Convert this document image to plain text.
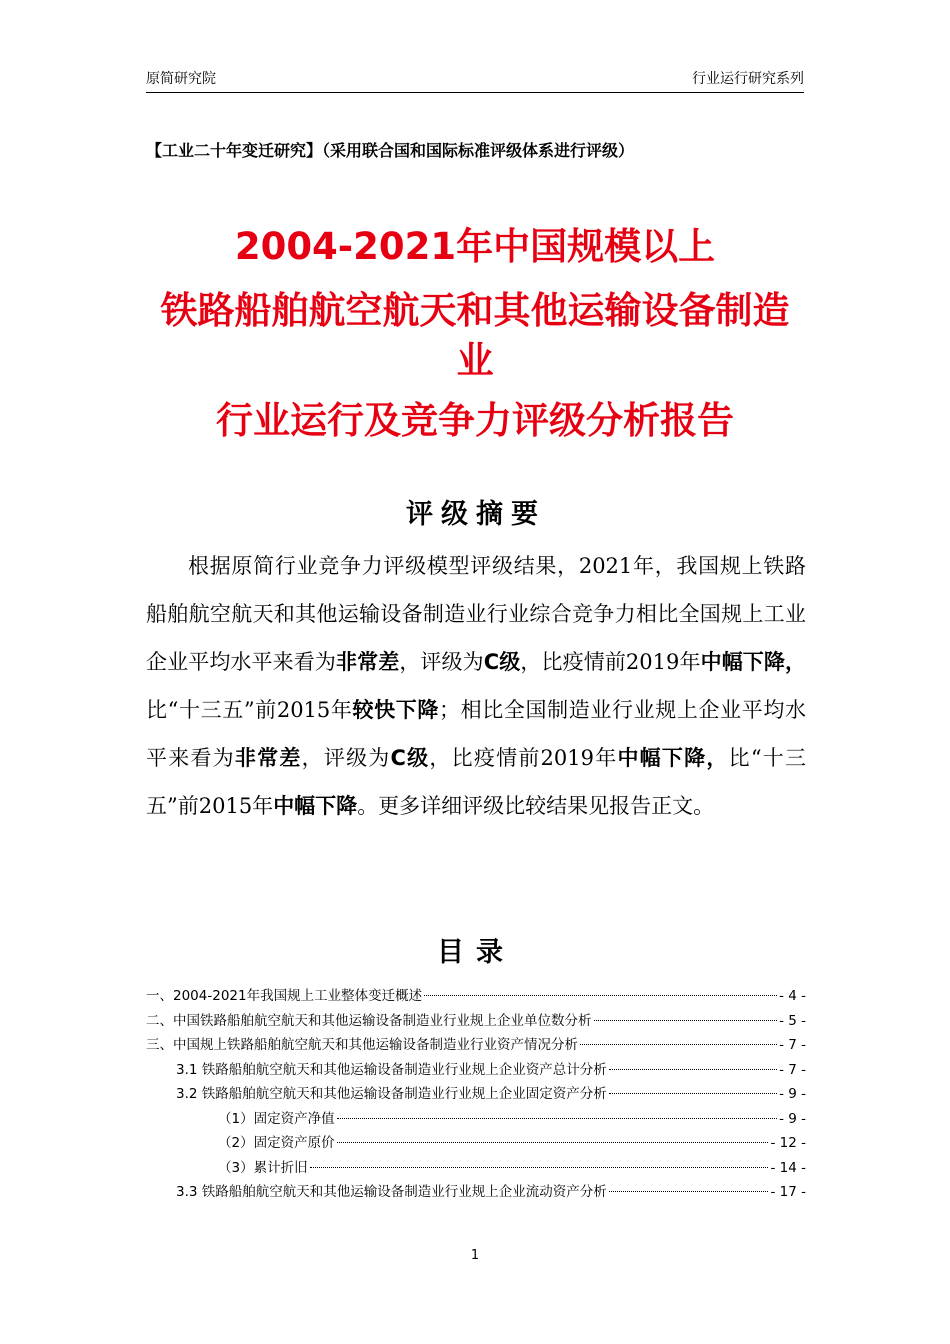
原简研究院	行业运行研究系列
【工业二十年变迁研究】（采用联合国和国际标准评级体系进行评级）
2004-2021年中国规模以上
铁路船舶航空航天和其他运输设备制造
业
行业运行及竞争力评级分析报告
评级摘要
根据原简行业竞争力评级模型评级结果，2021年，我国规上铁路船舶航空航天和其他运输设备制造业行业综合竞争力相比全国规上工业企业平均水平来看为非常差，评级为C级，比疫情前2019年中幅下降，比“十三五”前2015年较快下降；相比全国制造业行业规上企业平均水平来看为非常差，评级为C级，比疫情前2019年中幅下降，比“十三五”前2015年中幅下降。更多详细评级比较结果见报告正文。
目录
一、2004-2021年我国规上工业整体变迁概述	- 4 -
二、中国铁路船舶航空航天和其他运输设备制造业行业规上企业单位数分析	- 5 -
三、中国规上铁路船舶航空航天和其他运输设备制造业行业资产情况分析	- 7 -
3.1 铁路船舶航空航天和其他运输设备制造业行业规上企业资产总计分析	- 7 -
3.2 铁路船舶航空航天和其他运输设备制造业行业规上企业固定资产分析	- 9 -
（1）固定资产净值	- 9 -
（2）固定资产原价	- 12 -
（3）累计折旧	- 14 -
3.3 铁路船舶航空航天和其他运输设备制造业行业规上企业流动资产分析	- 17 -
1
